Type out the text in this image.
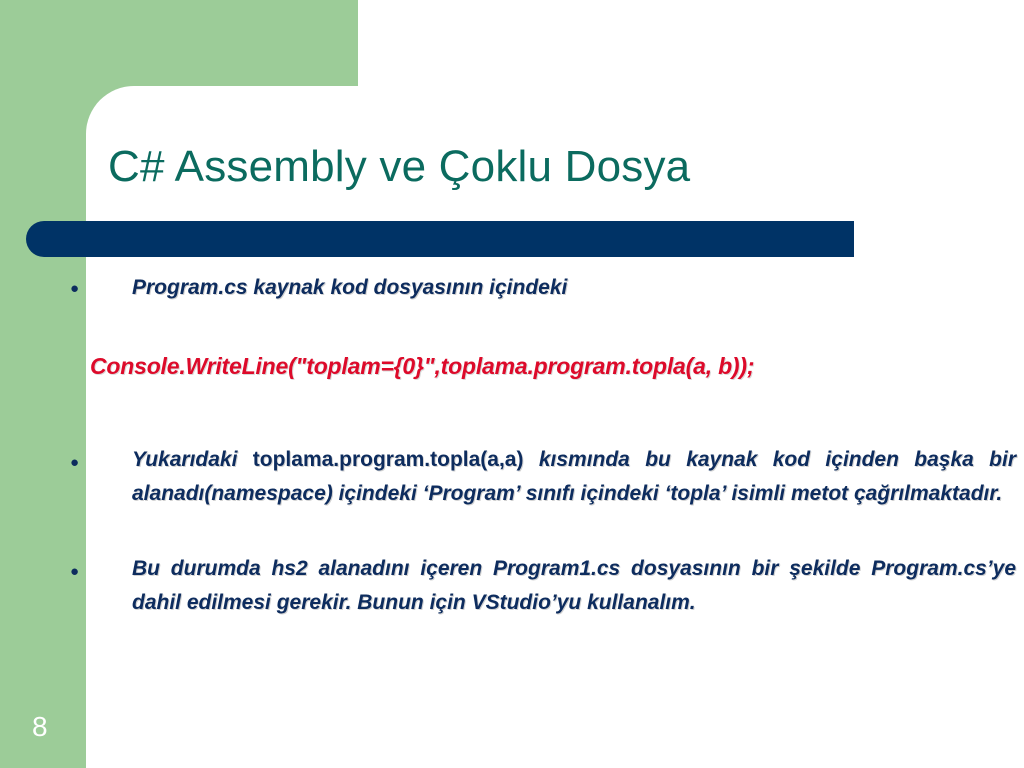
C# Assembly ve Çoklu Dosya
●	Program.cs kaynak kod dosyasının içindeki
Console.WriteLine("toplam={0}",toplama.program.topla(a, b));
●	Yukarıdaki toplama.program.topla(a,a) kısmında bu kaynak kod içinden başka bir alanadı(namespace) içindeki ‘Program’ sınıfı içindeki ‘topla’ isimli metot çağrılmaktadır.
●	Bu durumda hs2 alanadını içeren Program1.cs dosyasının bir şekilde Program.cs’ye dahil edilmesi gerekir. Bunun için VStudio’yu kullanalım.
8
